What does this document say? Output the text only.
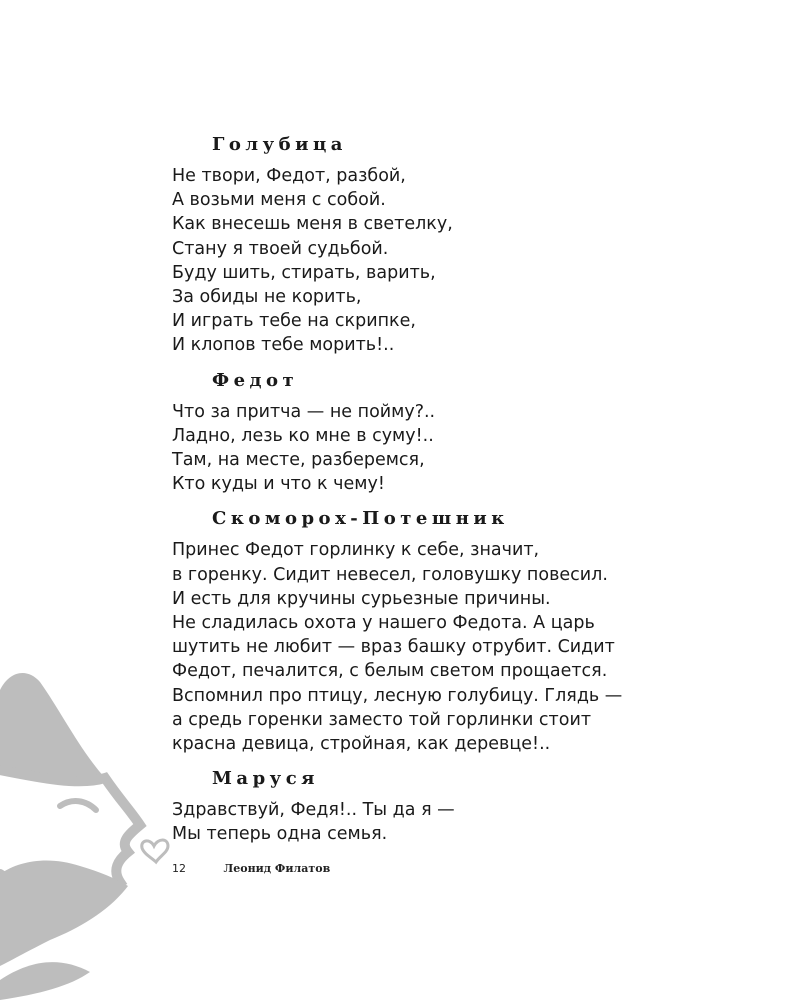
Голубица
Не твори, Федот, разбой,
А возьми меня с собой.
Как внесешь меня в светелку,
Стану я твоей судьбой.
Буду шить, стирать, варить,
За обиды не корить,
И играть тебе на скрипке,
И клопов тебе морить!..
Федот
Что за притча — не пойму?..
Ладно, лезь ко мне в суму!..
Там, на месте, разберемся,
Кто куды и что к чему!
Скоморох-Потешник
Принес Федот горлинку к себе, значит,
в горенку. Сидит невесел, головушку повесил.
И есть для кручины сурьезные причины.
Не сладилась охота у нашего Федота. А царь
шутить не любит — враз башку отрубит. Сидит
Федот, печалится, с белым светом прощается.
Вспомнил про птицу, лесную голубицу. Глядь —
а средь горенки заместо той горлинки стоит
красна девица, стройная, как деревце!..
Маруся
Здравствуй, Федя!.. Ты да я —
Мы теперь одна семья.
12	Леонид Филатов
